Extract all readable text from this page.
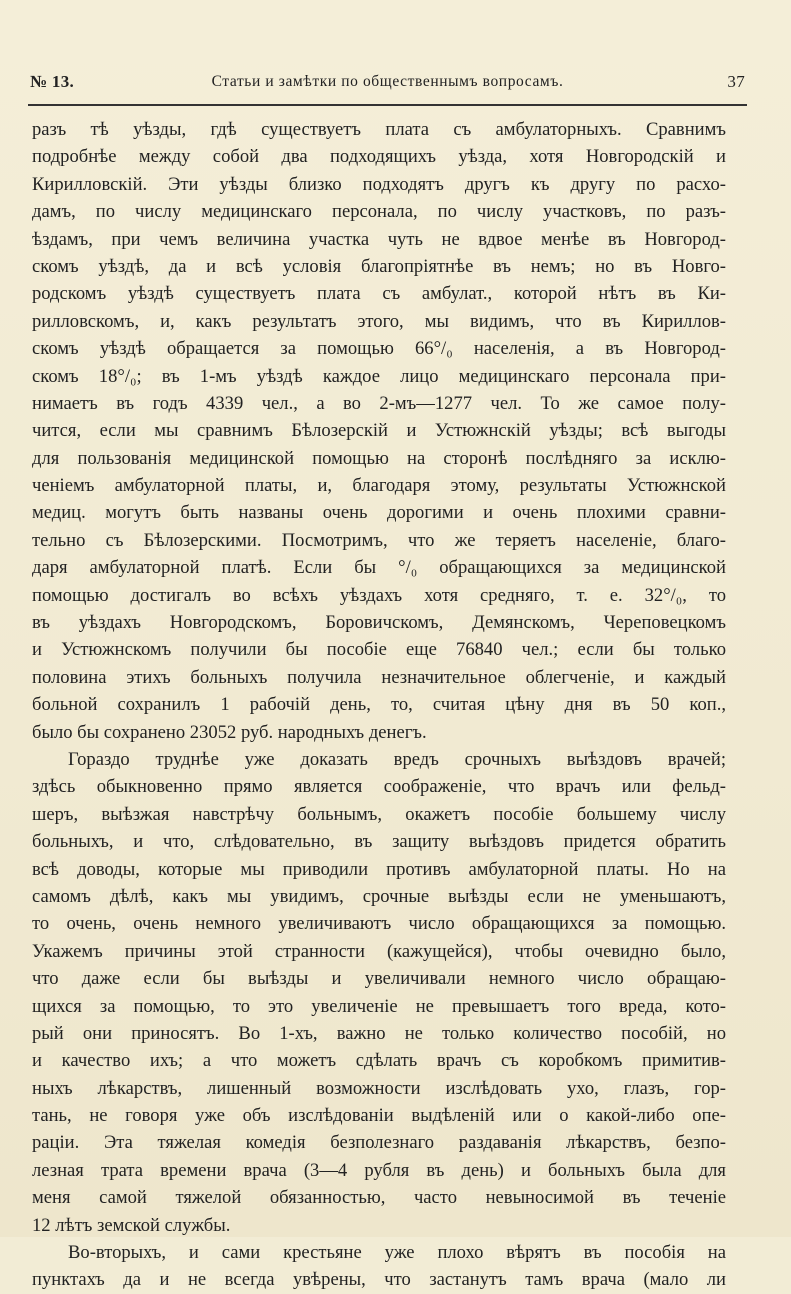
№ 13.	Статьи и замѣтки по общественнымъ вопросамъ.	37
разъ тѣ уѣзды, гдѣ существуетъ плата съ амбулаторныхъ. Сравнимъ
подробнѣе между собой два подходящихъ уѣзда, хотя Новгородскій и
Кирилловскій. Эти уѣзды близко подходятъ другъ къ другу по расхо-
дамъ, по числу медицинскаго персонала, по числу участковъ, по разъ-
ѣздамъ, при чемъ величина участка чуть не вдвое менѣе въ Новгород-
скомъ уѣздѣ, да и всѣ условія благопріятнѣе въ немъ; но въ Новго-
родскомъ уѣздѣ существуетъ плата съ амбулат., которой нѣтъ въ Ки-
рилловскомъ, и, какъ результатъ этого, мы видимъ, что въ Кириллов-
скомъ уѣздѣ обращается за помощью 66°/₀ населенія, а въ Новгород-
скомъ 18°/₀; въ 1-мъ уѣздѣ каждое лицо медицинскаго персонала при-
нимаетъ въ годъ 4339 чел., а во 2-мъ—1277 чел. То же самое полу-
чится, если мы сравнимъ Бѣлозерскій и Устюжнскій уѣзды; всѣ выгоды
для пользованія медицинской помощью на сторонѣ послѣдняго за исклю-
ченіемъ амбулаторной платы, и, благодаря этому, результаты Устюжнской
медиц. могутъ быть названы очень дорогими и очень плохими сравни-
тельно съ Бѣлозерскими. Посмотримъ, что же теряетъ населеніе, благо-
даря амбулаторной платѣ. Если бы °/₀ обращающихся за медицинской
помощью достигалъ во всѣхъ уѣздахъ хотя средняго, т. е. 32°/₀, то
въ уѣздахъ Новгородскомъ, Боровичскомъ, Демянскомъ, Череповецкомъ
и Устюжнскомъ получили бы пособіе еще 76840 чел.; если бы только
половина этихъ больныхъ получила незначительное облегченіе, и каждый
больной сохранилъ 1 рабочій день, то, считая цѣну дня въ 50 коп.,
было бы сохранено 23052 руб. народныхъ денегъ.
Гораздо труднѣе уже доказать вредъ срочныхъ выѣздовъ врачей;
здѣсь обыкновенно прямо является соображеніе, что врачъ или фельд-
шеръ, выѣзжая навстрѣчу больнымъ, окажетъ пособіе большему числу
больныхъ, и что, слѣдовательно, въ защиту выѣздовъ придется обратить
всѣ доводы, которые мы приводили противъ амбулаторной платы. Но на
самомъ дѣлѣ, какъ мы увидимъ, срочные выѣзды если не уменьшаютъ,
то очень, очень немного увеличиваютъ число обращающихся за помощью.
Укажемъ причины этой странности (кажущейся), чтобы очевидно было,
что даже если бы выѣзды и увеличивали немного число обращаю-
щихся за помощью, то это увеличеніе не превышаетъ того вреда, кото-
рый они приносятъ. Во 1-хъ, важно не только количество пособій, но
и качество ихъ; а что можетъ сдѣлать врачъ съ коробкомъ примитив-
ныхъ лѣкарствъ, лишенный возможности изслѣдовать ухо, глазъ, гор-
тань, не говоря уже объ изслѣдованіи выдѣленій или о какой-либо опе-
раціи. Эта тяжелая комедія безполезнаго раздаванія лѣкарствъ, безпо-
лезная трата времени врача (3—4 рубля въ день) и больныхъ была для
меня самой тяжелой обязанностью, часто невыносимой въ теченіе
12 лѣтъ земской службы.
Во-вторыхъ, и сами крестьяне уже плохо вѣрятъ въ пособія на
пунктахъ да и не всегда увѣрены, что застанутъ тамъ врача (мало ли
